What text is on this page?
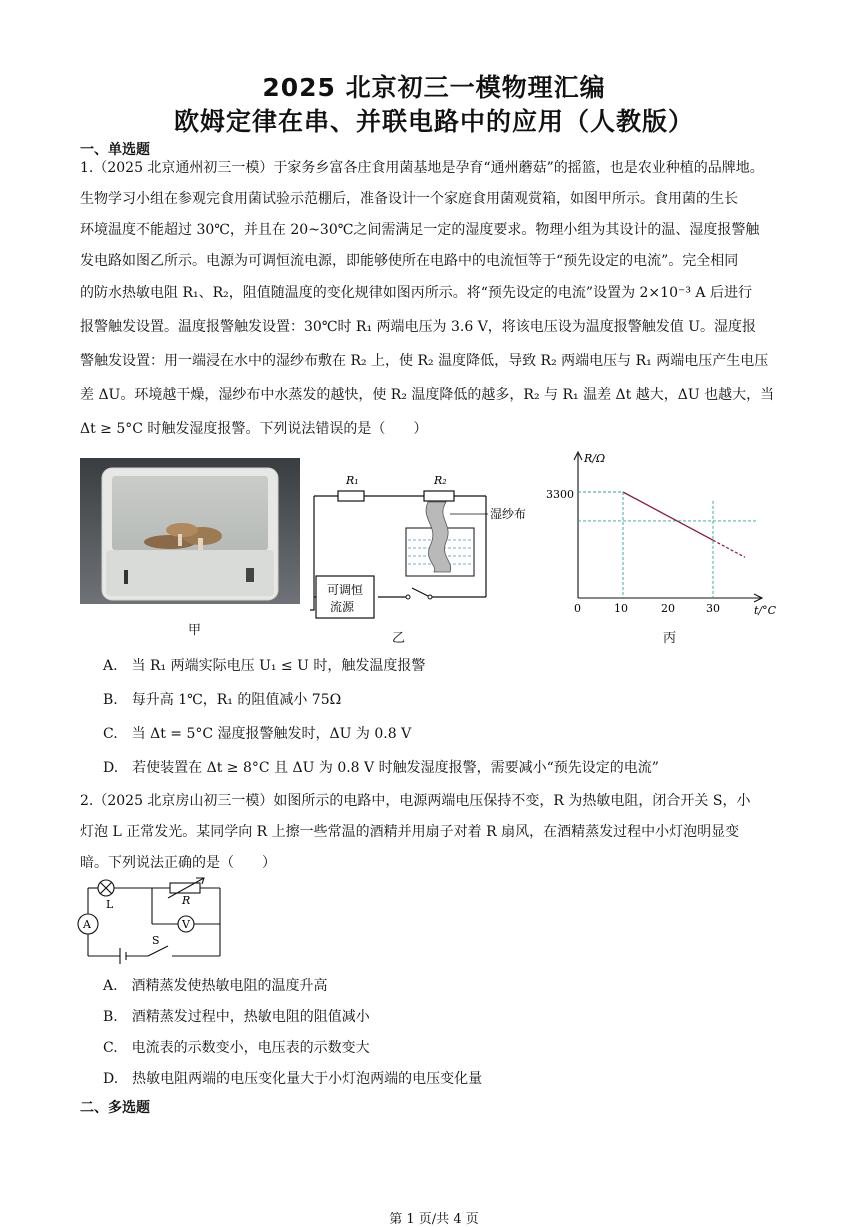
2025 北京初三一模物理汇编
欧姆定律在串、并联电路中的应用（人教版）
一、单选题
1.（2025 北京通州初三一模）于家务乡富各庄食用菌基地是孕育“通州蘑菇”的摇篮，也是农业种植的品牌地。
生物学习小组在参观完食用菌试验示范棚后，准备设计一个家庭食用菌观赏箱，如图甲所示。食用菌的生长
环境温度不能超过 30℃，并且在 20~30℃之间需满足一定的湿度要求。物理小组为其设计的温、湿度报警触
发电路如图乙所示。电源为可调恒流电源，即能够使所在电路中的电流恒等于“预先设定的电流”。完全相同
的防水热敏电阻 R₁、R₂，阻值随温度的变化规律如图丙所示。将“预先设定的电流”设置为 2×10⁻³ A 后进行
报警触发设置。温度报警触发设置：30℃时 R₁ 两端电压为 3.6 V，将该电压设为温度报警触发值 U。湿度报
警触发设置：用一端浸在水中的湿纱布敷在 R₂ 上，使 R₂ 温度降低，导致 R₂ 两端电压与 R₁ 两端电压产生电压
差 ΔU。环境越干燥，湿纱布中水蒸发的越快，使 R₂ 温度降低的越多，R₂ 与 R₁ 温差 Δt 越大，ΔU 也越大，当
Δt ≥ 5°C 时触发湿度报警。下列说法错误的是（　　）
甲
R₁	R₂
湿纱布
可调恒
流源
乙
R/Ω
t/°C
3300
0	10	20	30
丙
A.　当 R₁ 两端实际电压 U₁ ≤ U 时，触发温度报警
B.　每升高 1℃，R₁ 的阻值减小 75Ω
C.　当 Δt = 5°C 湿度报警触发时，ΔU 为 0.8 V
D.　若使装置在 Δt ≥ 8°C 且 ΔU 为 0.8 V 时触发湿度报警，需要减小“预先设定的电流”
2.（2025 北京房山初三一模）如图所示的电路中，电源两端电压保持不变，R 为热敏电阻，闭合开关 S，小
灯泡 L 正常发光。某同学向 R 上擦一些常温的酒精并用扇子对着 R 扇风，在酒精蒸发过程中小灯泡明显变
暗。下列说法正确的是（　　）
L	R
A	V
S
A.　酒精蒸发使热敏电阻的温度升高
B.　酒精蒸发过程中，热敏电阻的阻值减小
C.　电流表的示数变小，电压表的示数变大
D.　热敏电阻两端的电压变化量大于小灯泡两端的电压变化量
二、多选题
第 1 页/共 4 页
